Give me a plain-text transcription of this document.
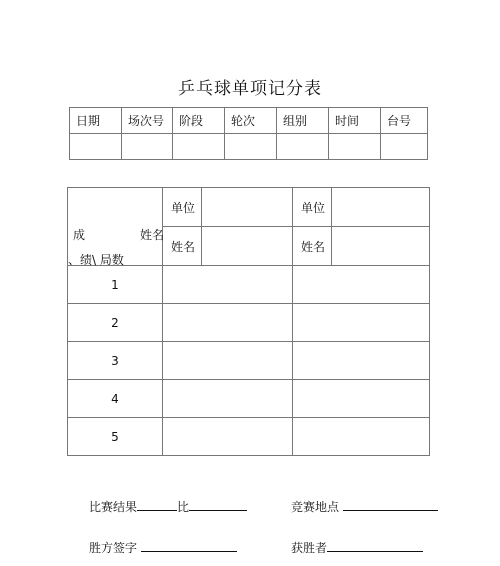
乒乓球单项记分表
日期	场次号	阶段	轮次	组别	时间	台号

成 姓名
、绩\ 局数	单位		单位	
	姓名		姓名	
1				
2				
3				
4				
5				
比赛结果	比	竞赛地点
胜方签字	获胜者
